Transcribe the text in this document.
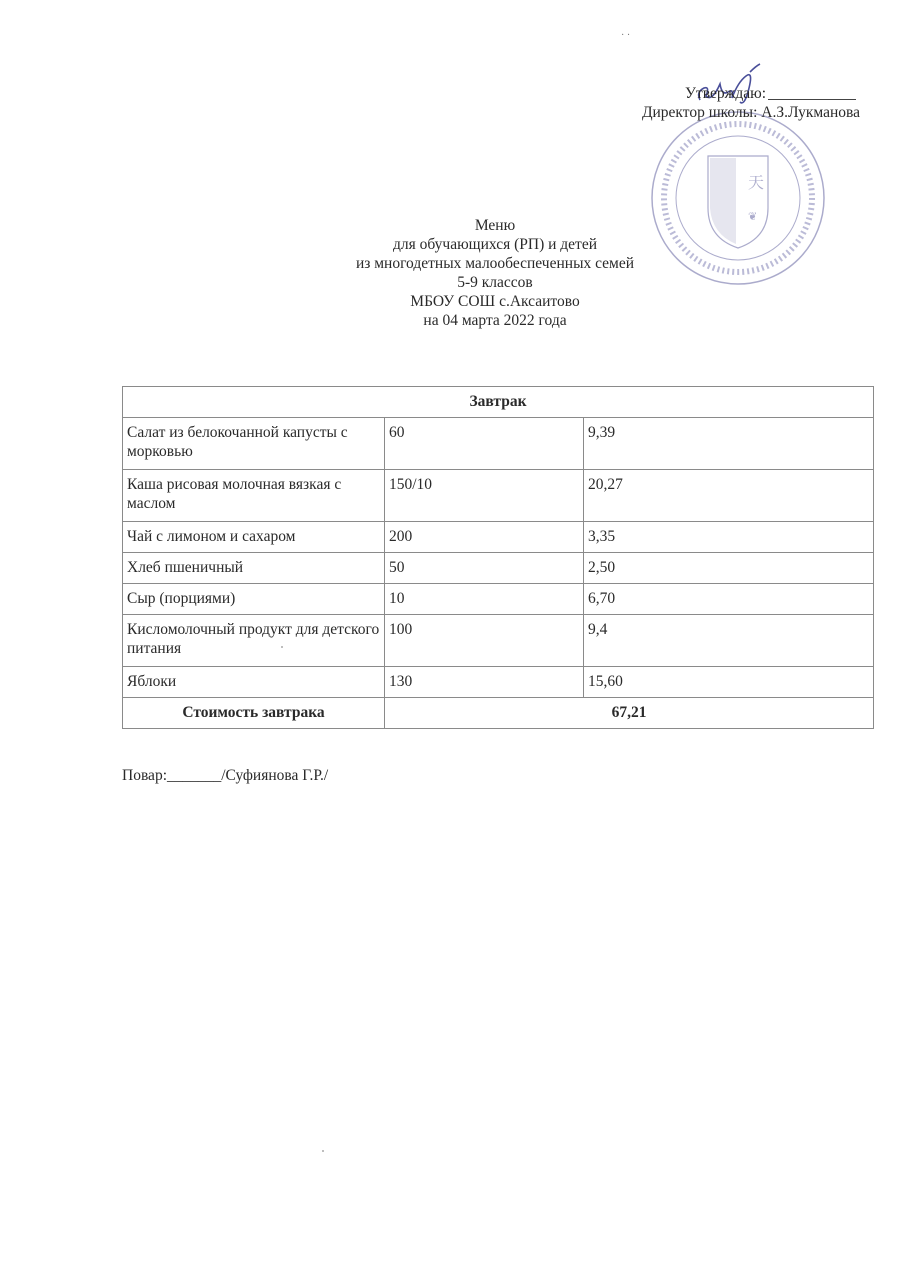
· ·
天
❦
Утверждаю:
Директор школы: А.З.Лукманова
Меню
для обучающихся (РП) и детей
из многодетных малообеспеченных семей
5-9 классов
МБОУ СОШ с.Аксаитово
на 04 марта 2022 года
Завтрак		
Салат из белокочанной капусты с морковью	60	9,39
Каша рисовая молочная вязкая с маслом	150/10	20,27
Чай с лимоном и сахаром	200	3,35
Хлеб пшеничный	50	2,50
Сыр (порциями)	10	6,70
Кисломолочный продукт для детского питания	100	9,4
Яблоки	130	15,60
Стоимость завтрака	67,21	
Повар:_______/Суфиянова Г.Р./
